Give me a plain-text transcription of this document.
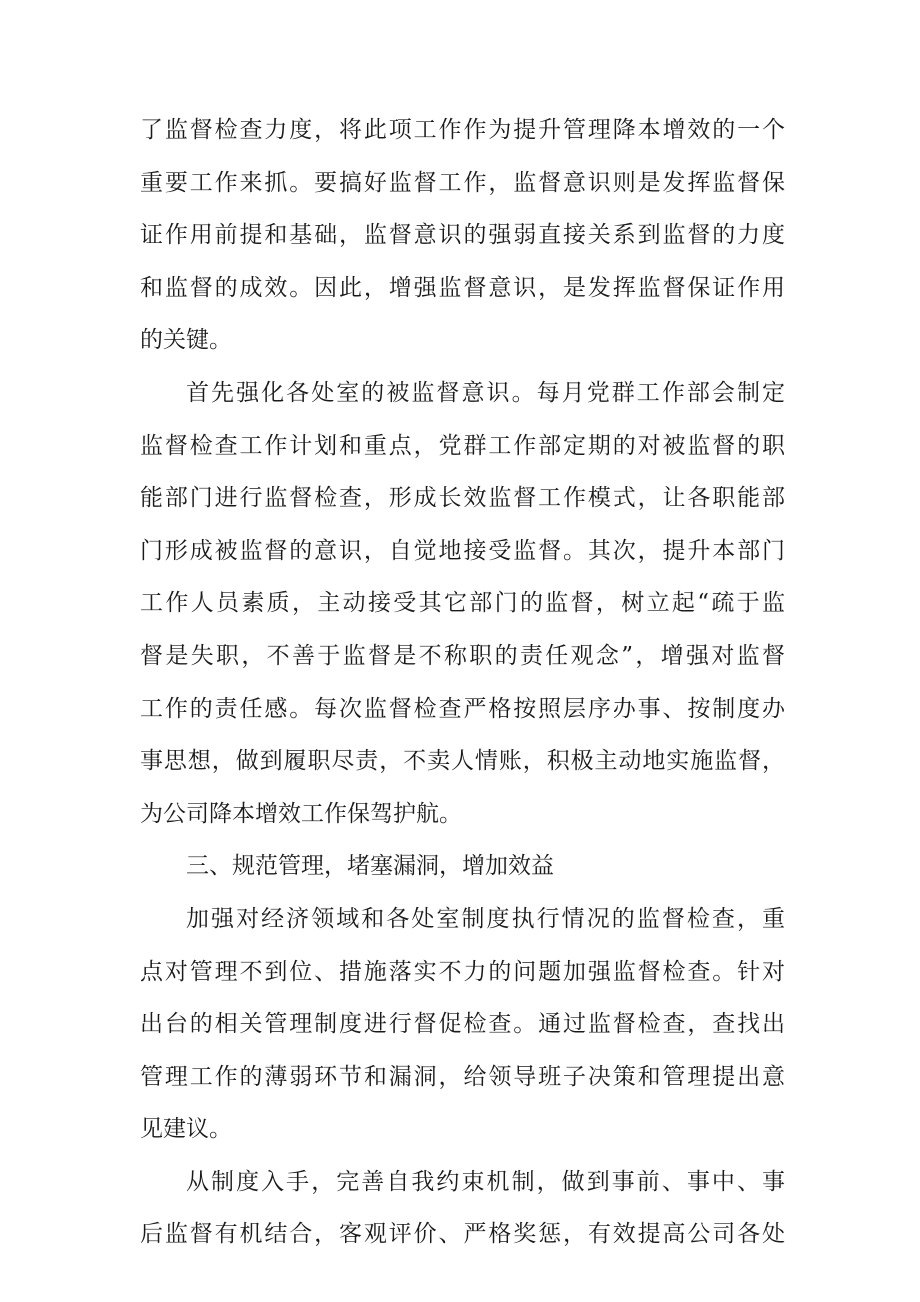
了监督检查力度，将此项工作作为提升管理降本增效的一个
重要工作来抓。要搞好监督工作，监督意识则是发挥监督保
证作用前提和基础，监督意识的强弱直接关系到监督的力度
和监督的成效。因此，增强监督意识，是发挥监督保证作用
的关键。
首先强化各处室的被监督意识。每月党群工作部会制定
监督检查工作计划和重点，党群工作部定期的对被监督的职
能部门进行监督检查，形成长效监督工作模式，让各职能部
门形成被监督的意识，自觉地接受监督。其次，提升本部门
工作人员素质，主动接受其它部门的监督，树立起“疏于监
督是失职，不善于监督是不称职的责任观念”，增强对监督
工作的责任感。每次监督检查严格按照层序办事、按制度办
事思想，做到履职尽责，不卖人情账，积极主动地实施监督，
为公司降本增效工作保驾护航。
三、规范管理，堵塞漏洞，增加效益
加强对经济领域和各处室制度执行情况的监督检查，重
点对管理不到位、措施落实不力的问题加强监督检查。针对
出台的相关管理制度进行督促检查。通过监督检查，查找出
管理工作的薄弱环节和漏洞，给领导班子决策和管理提出意
见建议。
从制度入手，完善自我约束机制，做到事前、事中、事
后监督有机结合，客观评价、严格奖惩，有效提高公司各处
